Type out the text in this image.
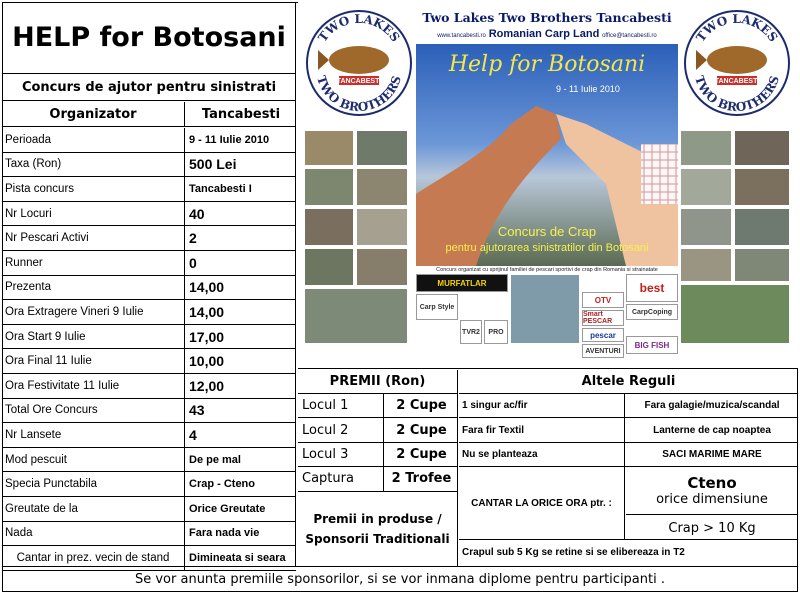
HELP for Botosani
Concurs de ajutor pentru sinistrati
Organizator	Tancabesti
Perioada	9 - 11 Iulie 2010
Taxa (Ron)	500 Lei
Pista concurs	Tancabesti I
Nr Locuri	40
Nr Pescari Activi	2
Runner	0
Prezenta	14,00
Ora Extragere Vineri 9 Iulie	14,00
Ora Start 9 Iulie	17,00
Ora Final 11 Iulie	10,00
Ora Festivitate 11 Iulie	12,00
Total Ore Concurs	43
Nr Lansete	4
Mod pescuit	De pe mal
Specia Punctabila	Crap - Cteno
Greutate de la	Orice Greutate
Nada	Fara nada vie
Cantar in prez. vecin de stand	Dimineata si seara
TWO LAKES
TWO BROTHERS
TANCABESTI
TWO LAKES
TWO BROTHERS
TANCABESTI
Two Lakes Two Brothers Tancabesti
www.tancabesti.ro Romanian Carp Land office@tancabesti.ro
Help for Botosani
9 - 11 Iulie 2010
Concurs de Crap
pentru ajutorarea sinistratilor din Botosani
Concurs organizat cu sprijinul familiei de pescari sportivi de crap din Romania si strainatate
MURFATLAR	best
OTV
Smart PESCAR
pescar
CarpCoping
AVENTURI
BIG FISH
Carp Style
TVR2	PRO
PREMII (Ron)
Locul 1	2 Cupe
Locul 2	2 Cupe
Locul 3	2 Cupe
Captura	2 Trofee
Premii in produse / Sponsorii Traditionali
Altele Reguli
1 singur ac/fir	Fara galagie/muzica/scandal
Fara fir Textil	Lanterne de cap noaptea
Nu se planteaza	SACI MARIME MARE
CANTAR LA ORICE ORA ptr. :
Cteno
orice dimensiune
Crap > 10 Kg
Crapul sub 5 Kg se retine si se elibereaza in T2
Se vor anunta premiile sponsorilor, si se vor inmana diplome pentru participanti .
